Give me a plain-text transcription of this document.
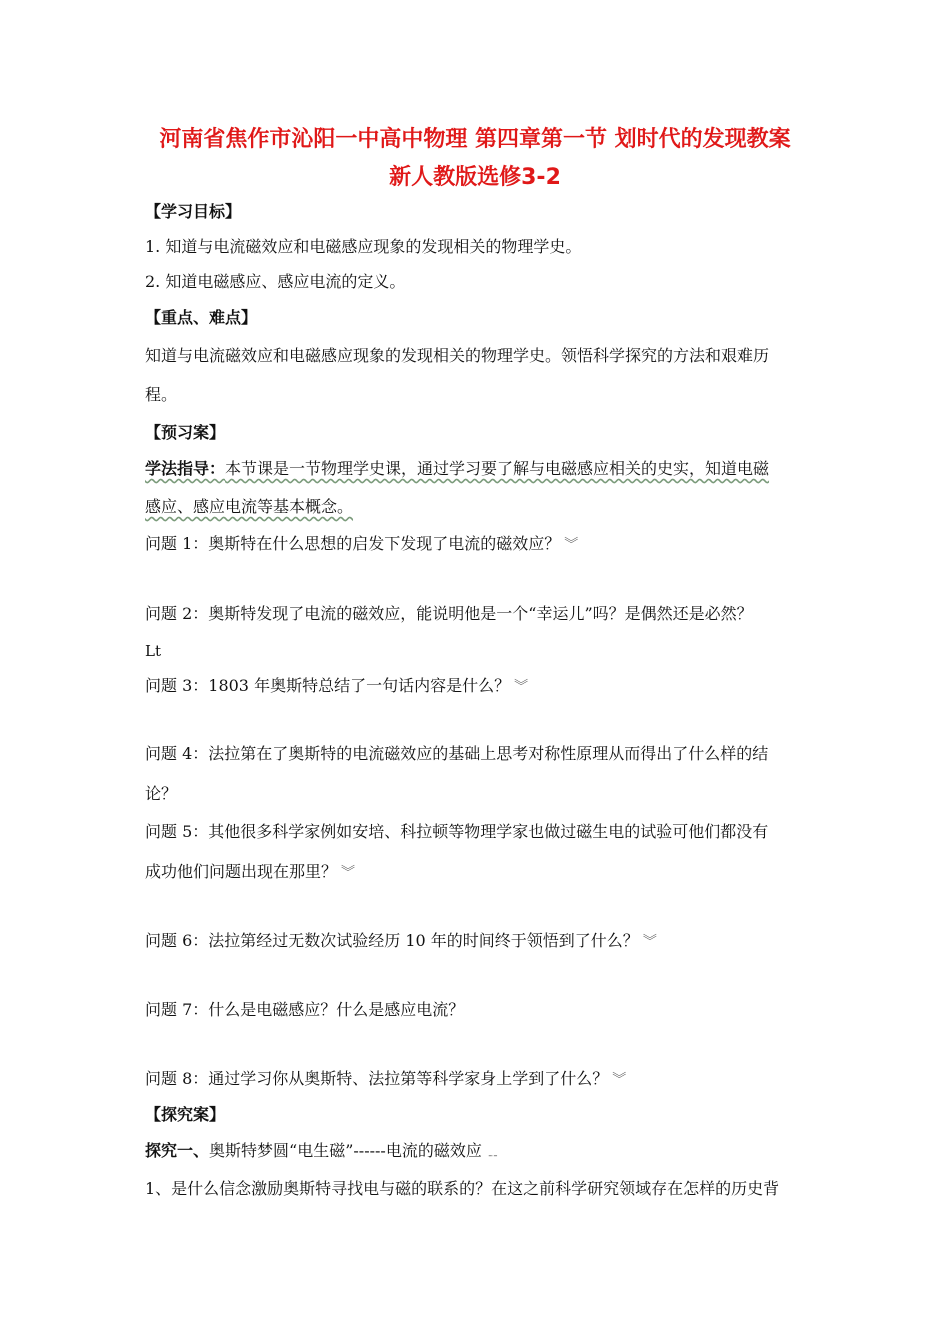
河南省焦作市沁阳一中高中物理 第四章第一节 划时代的发现教案
新人教版选修3-2
【学习目标】
1. 知道与电流磁效应和电磁感应现象的发现相关的物理学史。
2. 知道电磁感应、感应电流的定义。
【重点、难点】
知道与电流磁效应和电磁感应现象的发现相关的物理学史。领悟科学探究的方法和艰难历
程。
【预习案】
学法指导：本节课是一节物理学史课，通过学习要了解与电磁感应相关的史实，知道电磁
感应、感应电流等基本概念。
问题 1：奥斯特在什么思想的启发下发现了电流的磁效应？ ︾
问题 2：奥斯特发现了电流的磁效应，能说明他是一个“幸运儿”吗？是偶然还是必然？
Lt
问题 3：1803 年奥斯特总结了一句话内容是什么？ ︾
问题 4：法拉第在了奥斯特的电流磁效应的基础上思考对称性原理从而得出了什么样的结
论？
问题 5：其他很多科学家例如安培、科拉顿等物理学家也做过磁生电的试验可他们都没有
成功他们问题出现在那里？ ︾
问题 6：法拉第经过无数次试验经历 10 年的时间终于领悟到了什么？ ︾
问题 7：什么是电磁感应？什么是感应电流？
问题 8：通过学习你从奥斯特、法拉第等科学家身上学到了什么？ ︾
【探究案】
探究一、奥斯特梦圆“电生磁”------电流的磁效应 ﹎
1、是什么信念激励奥斯特寻找电与磁的联系的？在这之前科学研究领域存在怎样的历史背
